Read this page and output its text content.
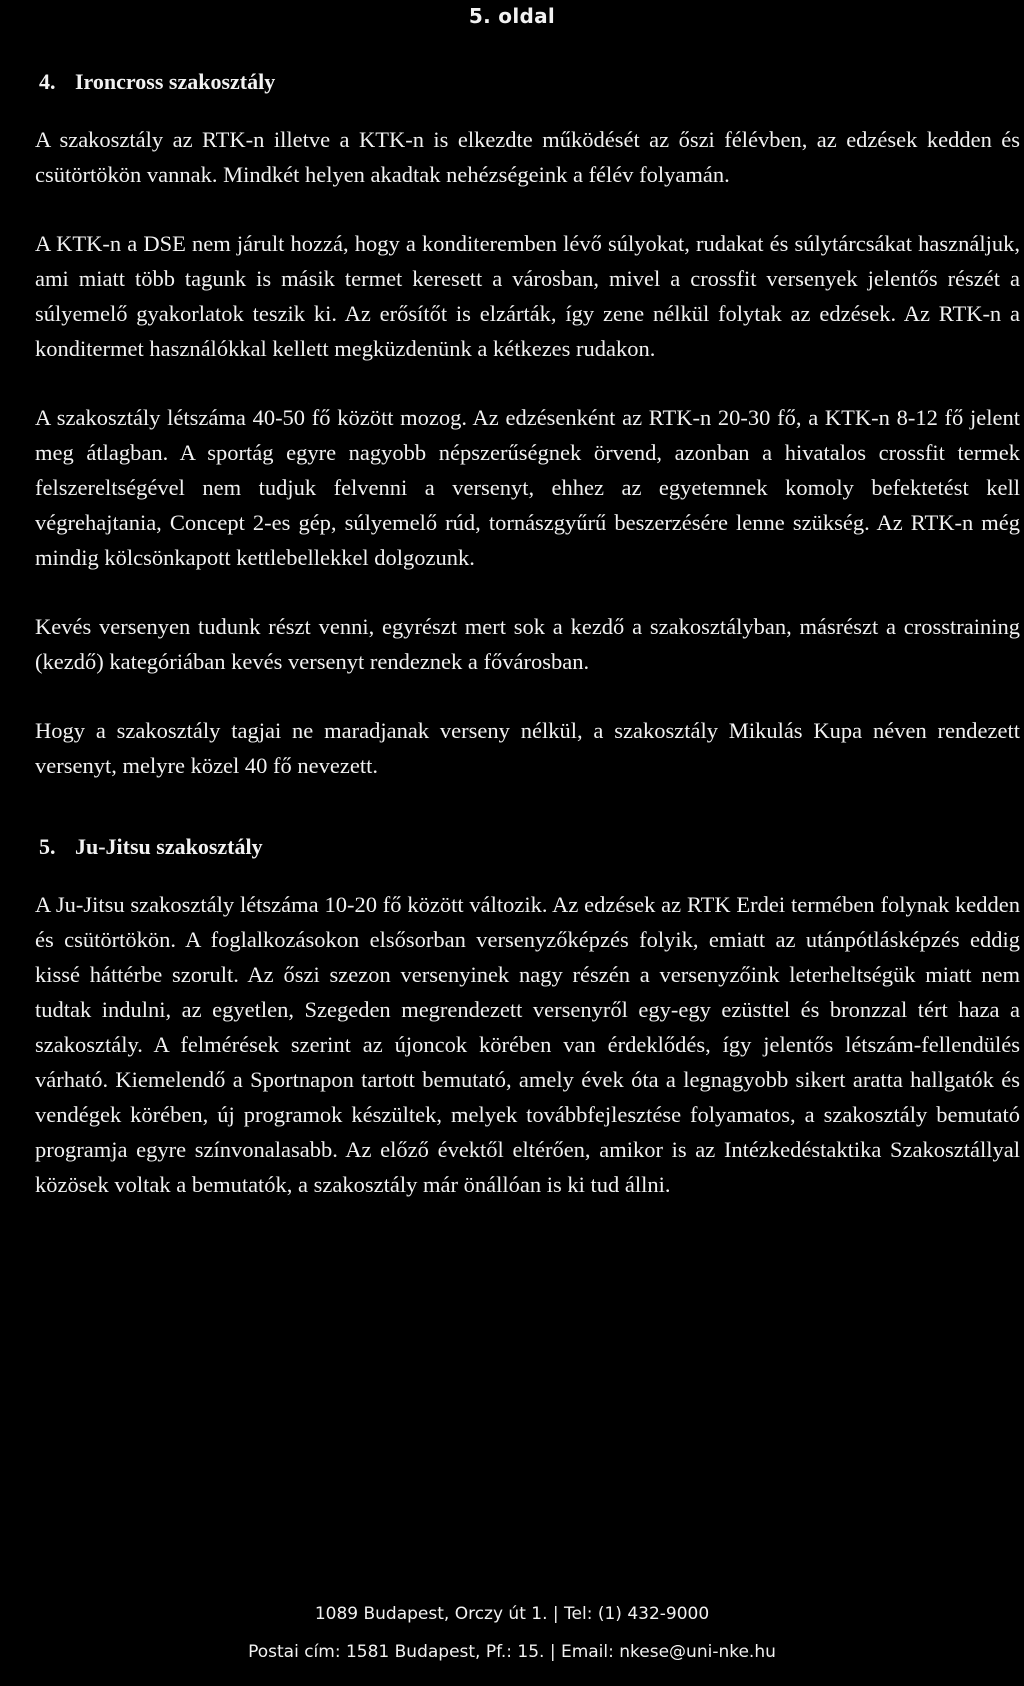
5. oldal
4. Ironcross szakosztály

A szakosztály az RTK-n illetve a KTK-n is elkezdte működését az őszi félévben, az edzések kedden és csütörtökön vannak. Mindkét helyen akadtak nehézségeink a félév folyamán.

A KTK-n a DSE nem járult hozzá, hogy a konditeremben lévő súlyokat, rudakat és súlytárcsákat használjuk, ami miatt több tagunk is másik termet keresett a városban, mivel a crossfit versenyek jelentős részét a súlyemelő gyakorlatok teszik ki. Az erősítőt is elzárták, így zene nélkül folytak az edzések. Az RTK-n a konditermet használókkal kellett megküzdenünk a kétkezes rudakon.

A szakosztály létszáma 40-50 fő között mozog. Az edzésenként az RTK-n 20-30 fő, a KTK-n 8-12 fő jelent meg átlagban. A sportág egyre nagyobb népszerűségnek örvend, azonban a hivatalos crossfit termek felszereltségével nem tudjuk felvenni a versenyt, ehhez az egyetemnek komoly befektetést kell végrehajtania, Concept 2-es gép, súlyemelő rúd, tornászgyűrű beszerzésére lenne szükség. Az RTK-n még mindig kölcsönkapott kettlebellekkel dolgozunk.

Kevés versenyen tudunk részt venni, egyrészt mert sok a kezdő a szakosztályban, másrészt a crosstraining (kezdő) kategóriában kevés versenyt rendeznek a fővárosban.

Hogy a szakosztály tagjai ne maradjanak verseny nélkül, a szakosztály Mikulás Kupa néven rendezett versenyt, melyre közel 40 fő nevezett.

5. Ju-Jitsu szakosztály

A Ju-Jitsu szakosztály létszáma 10-20 fő között változik. Az edzések az RTK Erdei termében folynak kedden és csütörtökön. A foglalkozásokon elsősorban versenyzőképzés folyik, emiatt az utánpótlásképzés eddig kissé háttérbe szorult. Az őszi szezon versenyinek nagy részén a versenyzőink leterheltségük miatt nem tudtak indulni, az egyetlen, Szegeden megrendezett versenyről egy-egy ezüsttel és bronzzal tért haza a szakosztály. A felmérések szerint az újoncok körében van érdeklődés, így jelentős létszám-fellendülés várható. Kiemelendő a Sportnapon tartott bemutató, amely évek óta a legnagyobb sikert aratta hallgatók és vendégek körében, új programok készültek, melyek továbbfejlesztése folyamatos, a szakosztály bemutató programja egyre színvonalasabb. Az előző évektől eltérően, amikor is az Intézkedéstaktika Szakosztállyal közösek voltak a bemutatók, a szakosztály már önállóan is ki tud állni.

1089 Budapest, Orczy út 1. | Tel: (1) 432-9000
Postai cím: 1581 Budapest, Pf.: 15. | Email: nkese@uni-nke.hu
